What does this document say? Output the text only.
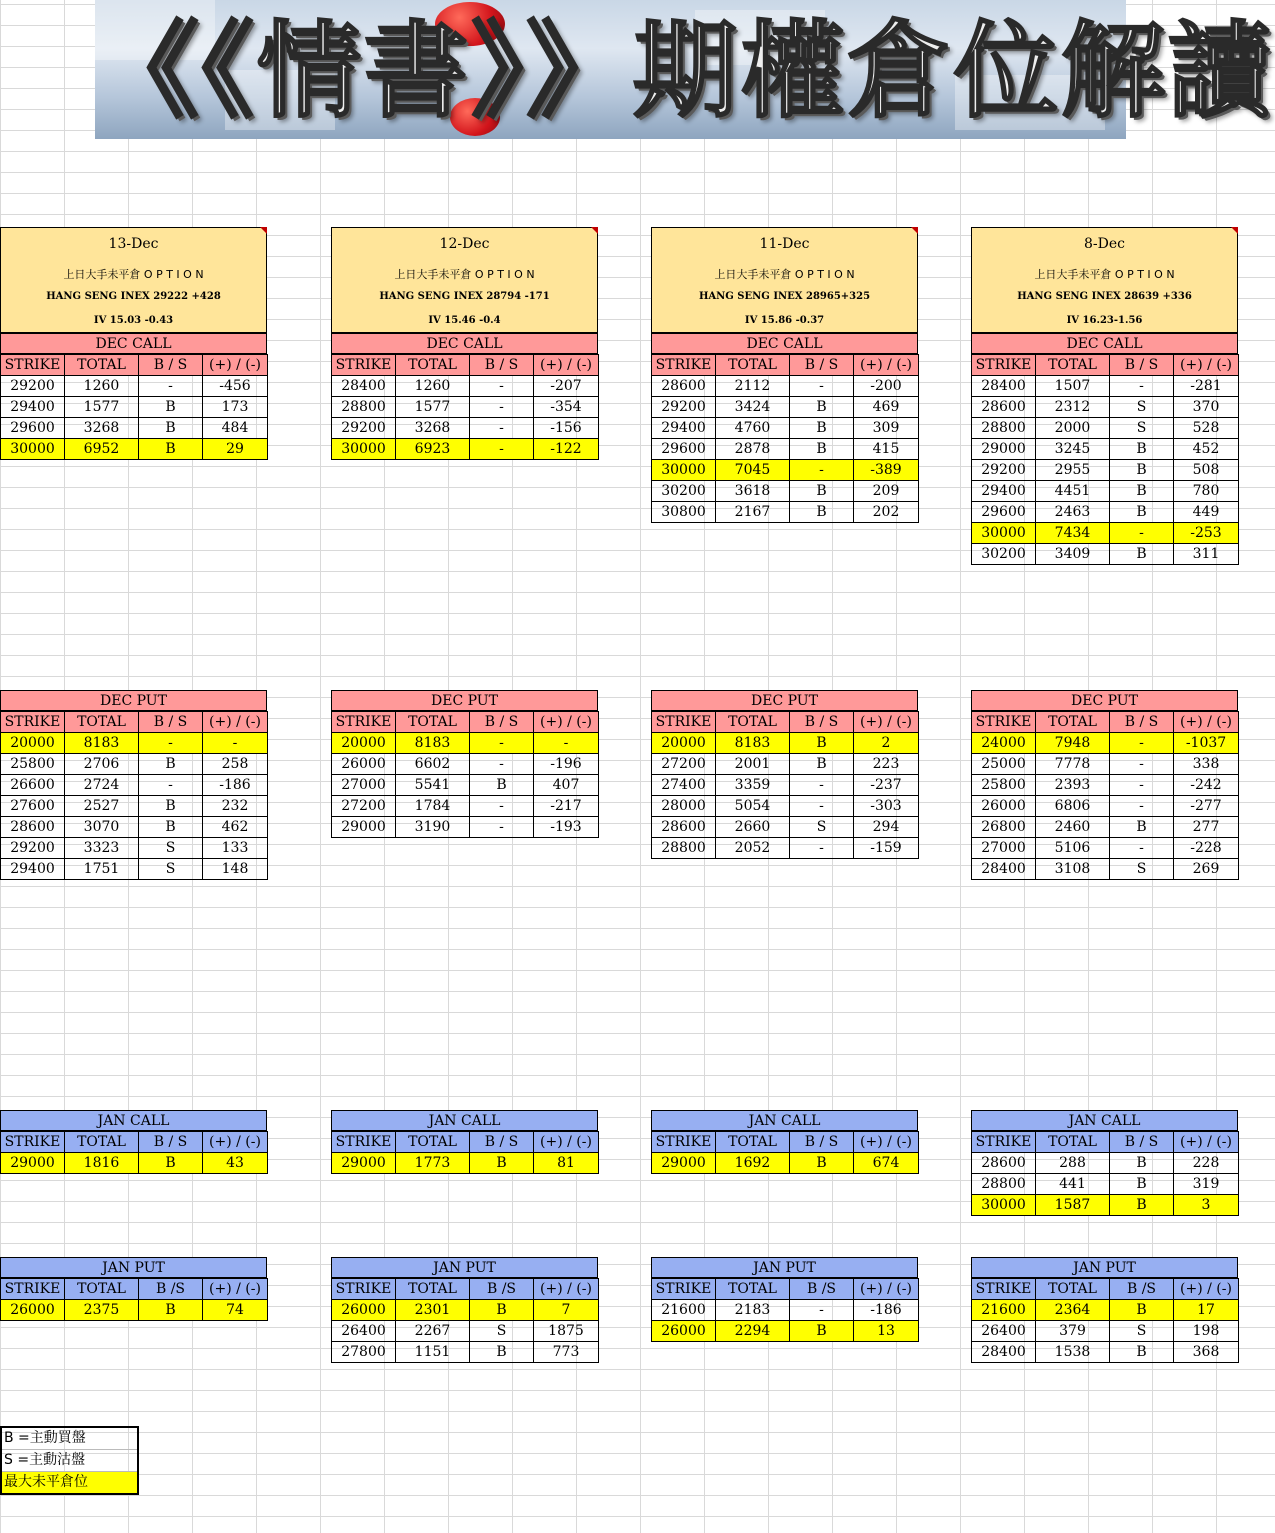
《《情書》》期權倉位解讀
13-Dec
上日大手未平倉 O P T I O N
HANG SENG INEX 29222 +428
IV 15.03 -0.43
DEC CALL
STRIKE	TOTAL	B / S	(+) / (-)
29200	1260	-	-456
29400	1577	B	173
29600	3268	B	484
30000	6952	B	29
DEC PUT
STRIKE	TOTAL	B / S	(+) / (-)
20000	8183	-	-
25800	2706	B	258
26600	2724	-	-186
27600	2527	B	232
28600	3070	B	462
29200	3323	S	133
29400	1751	S	148
JAN CALL
STRIKE	TOTAL	B / S	(+) / (-)
29000	1816	B	43
JAN PUT
STRIKE	TOTAL	B /S	(+) / (-)
26000	2375	B	74
12-Dec
上日大手未平倉 O P T I O N
HANG SENG INEX 28794 -171
IV 15.46 -0.4
DEC CALL
STRIKE	TOTAL	B / S	(+) / (-)
28400	1260	-	-207
28800	1577	-	-354
29200	3268	-	-156
30000	6923	-	-122
DEC PUT
STRIKE	TOTAL	B / S	(+) / (-)
20000	8183	-	-
26000	6602	-	-196
27000	5541	B	407
27200	1784	-	-217
29000	3190	-	-193
JAN CALL
STRIKE	TOTAL	B / S	(+) / (-)
29000	1773	B	81
JAN PUT
STRIKE	TOTAL	B /S	(+) / (-)
26000	2301	B	7
26400	2267	S	1875
27800	1151	B	773
11-Dec
上日大手未平倉 O P T I O N
HANG SENG INEX 28965+325
IV 15.86 -0.37
DEC CALL
STRIKE	TOTAL	B / S	(+) / (-)
28600	2112	-	-200
29200	3424	B	469
29400	4760	B	309
29600	2878	B	415
30000	7045	-	-389
30200	3618	B	209
30800	2167	B	202
DEC PUT
STRIKE	TOTAL	B / S	(+) / (-)
20000	8183	B	2
27200	2001	B	223
27400	3359	-	-237
28000	5054	-	-303
28600	2660	S	294
28800	2052	-	-159
JAN CALL
STRIKE	TOTAL	B / S	(+) / (-)
29000	1692	B	674
JAN PUT
STRIKE	TOTAL	B /S	(+) / (-)
21600	2183	-	-186
26000	2294	B	13
8-Dec
上日大手未平倉 O P T I O N
HANG SENG INEX 28639 +336
IV 16.23-1.56
DEC CALL
STRIKE	TOTAL	B / S	(+) / (-)
28400	1507	-	-281
28600	2312	S	370
28800	2000	S	528
29000	3245	B	452
29200	2955	B	508
29400	4451	B	780
29600	2463	B	449
30000	7434	-	-253
30200	3409	B	311
DEC PUT
STRIKE	TOTAL	B / S	(+) / (-)
24000	7948	-	-1037
25000	7778	-	338
25800	2393	-	-242
26000	6806	-	-277
26800	2460	B	277
27000	5106	-	-228
28400	3108	S	269
JAN CALL
STRIKE	TOTAL	B / S	(+) / (-)
28600	288	B	228
28800	441	B	319
30000	1587	B	3
JAN PUT
STRIKE	TOTAL	B /S	(+) / (-)
21600	2364	B	17
26400	379	S	198
28400	1538	B	368
B =主動買盤
S =主動沽盤
最大未平倉位
